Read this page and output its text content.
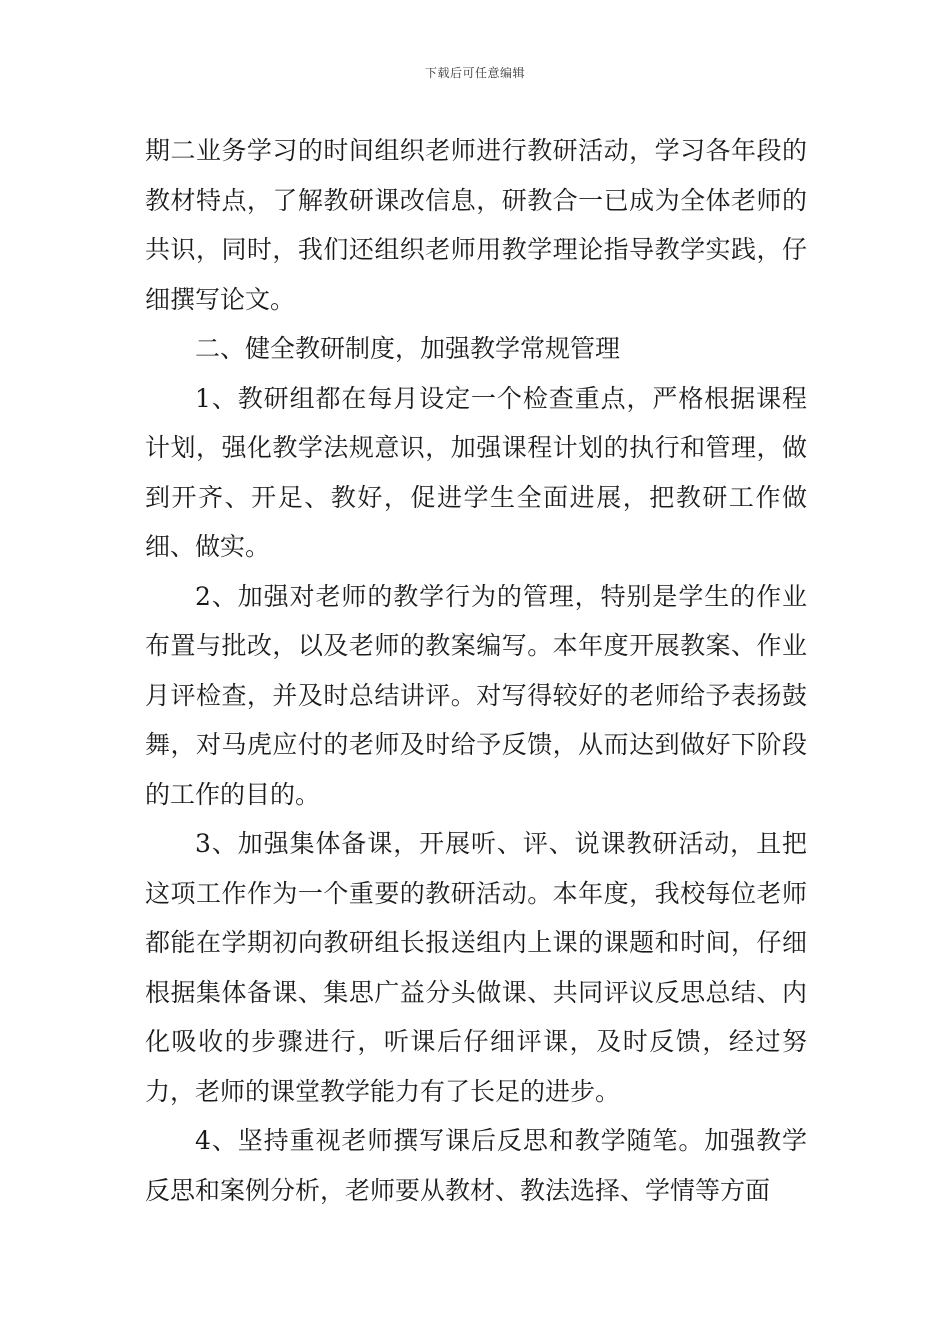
下载后可任意编辑

期二业务学习的时间组织老师进行教研活动，学习各年段的教材特点，了解教研课改信息，研教合一已成为全体老师的共识，同时，我们还组织老师用教学理论指导教学实践，仔细撰写论文。

二、健全教研制度，加强教学常规管理

1、教研组都在每月设定一个检查重点，严格根据课程计划，强化教学法规意识，加强课程计划的执行和管理，做到开齐、开足、教好，促进学生全面进展，把教研工作做细、做实。

2、加强对老师的教学行为的管理，特别是学生的作业布置与批改，以及老师的教案编写。本年度开展教案、作业月评检查，并及时总结讲评。对写得较好的老师给予表扬鼓舞，对马虎应付的老师及时给予反馈，从而达到做好下阶段的工作的目的。

3、加强集体备课，开展听、评、说课教研活动，且把这项工作作为一个重要的教研活动。本年度，我校每位老师都能在学期初向教研组长报送组内上课的课题和时间，仔细根据集体备课、集思广益分头做课、共同评议反思总结、内化吸收的步骤进行，听课后仔细评课，及时反馈，经过努力，老师的课堂教学能力有了长足的进步。

4、坚持重视老师撰写课后反思和教学随笔。加强教学反思和案例分析，老师要从教材、教法选择、学情等方面
